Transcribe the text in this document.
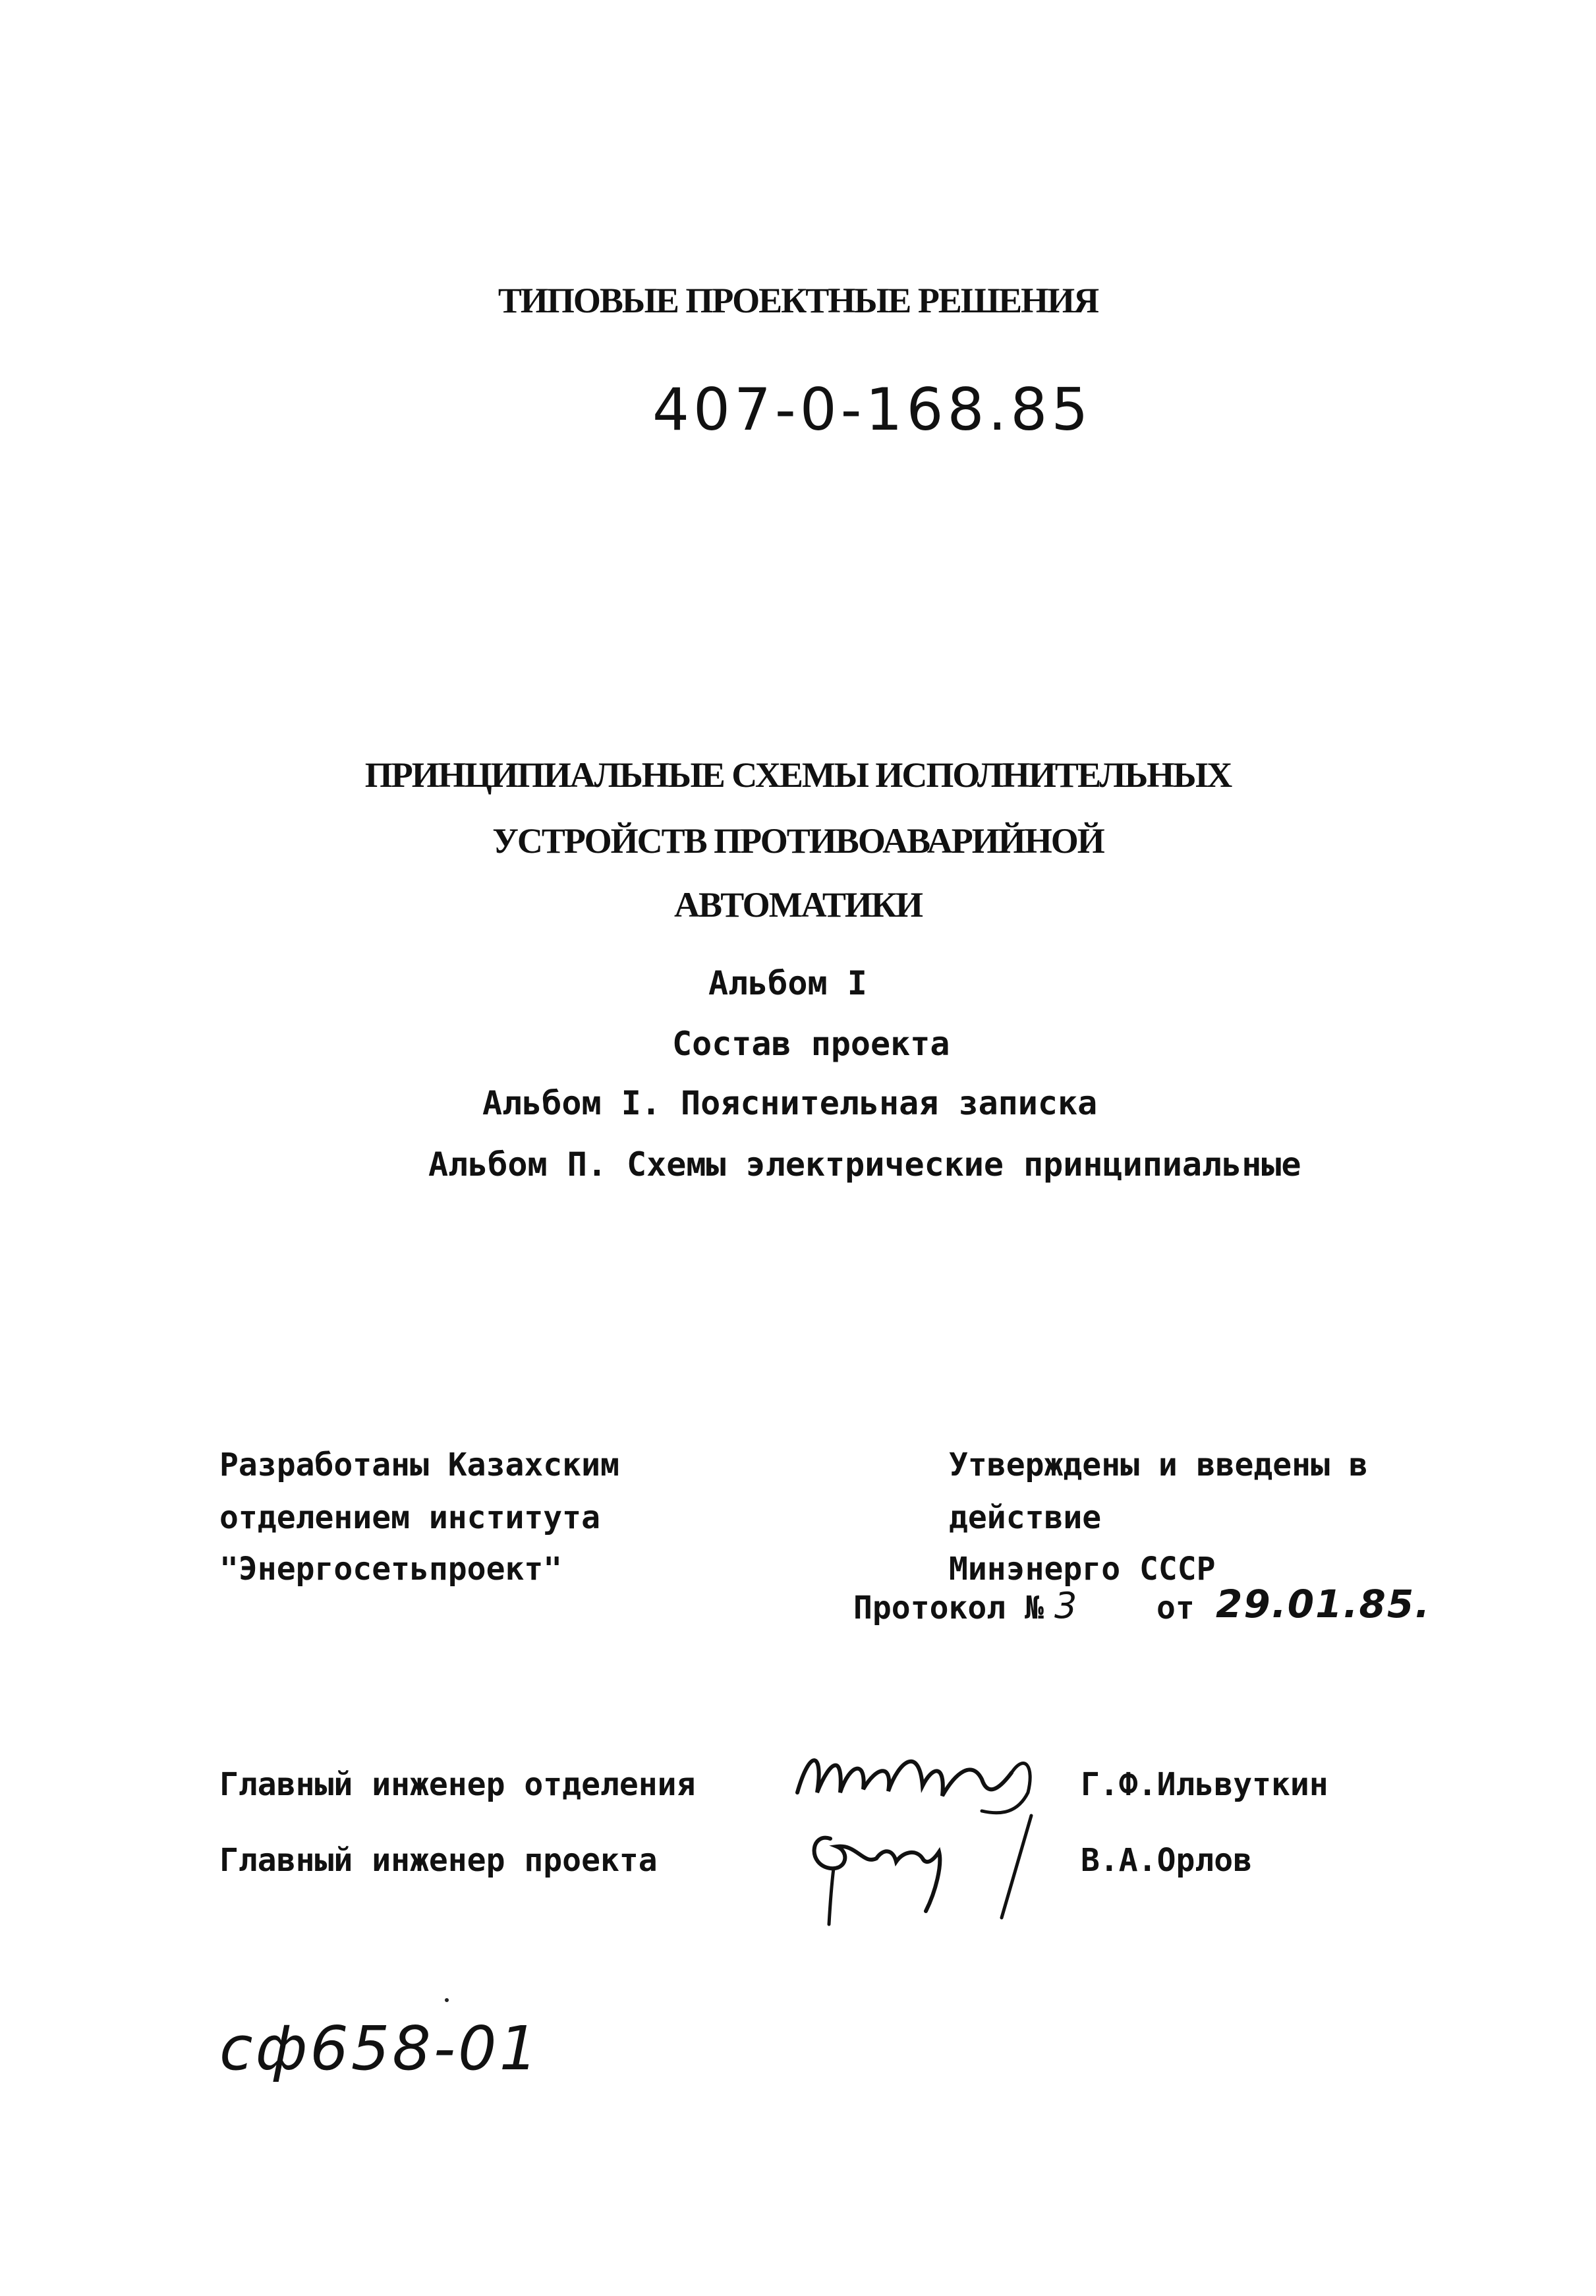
ТИПОВЫЕ ПРОЕКТНЫЕ РЕШЕНИЯ
407-0-168.85
ПРИНЦИПИАЛЬНЫЕ СХЕМЫ ИСПОЛНИТЕЛЬНЫХ
УСТРОЙСТВ ПРОТИВОАВАРИЙНОЙ
АВТОМАТИКИ
Альбом I
Состав проекта
Альбом I. Пояснительная записка
Альбом П. Схемы электрические принципиальные
Разработаны Казахским
отделением института
"Энергосетьпроект"
Утверждены и введены в
действие
Минэнерго СССР
Протокол № 3	от 29.01.85.
Главный инженер отделения
Главный инженер проекта
Г.Ф.Ильвуткин
В.А.Орлов
сф658-01
